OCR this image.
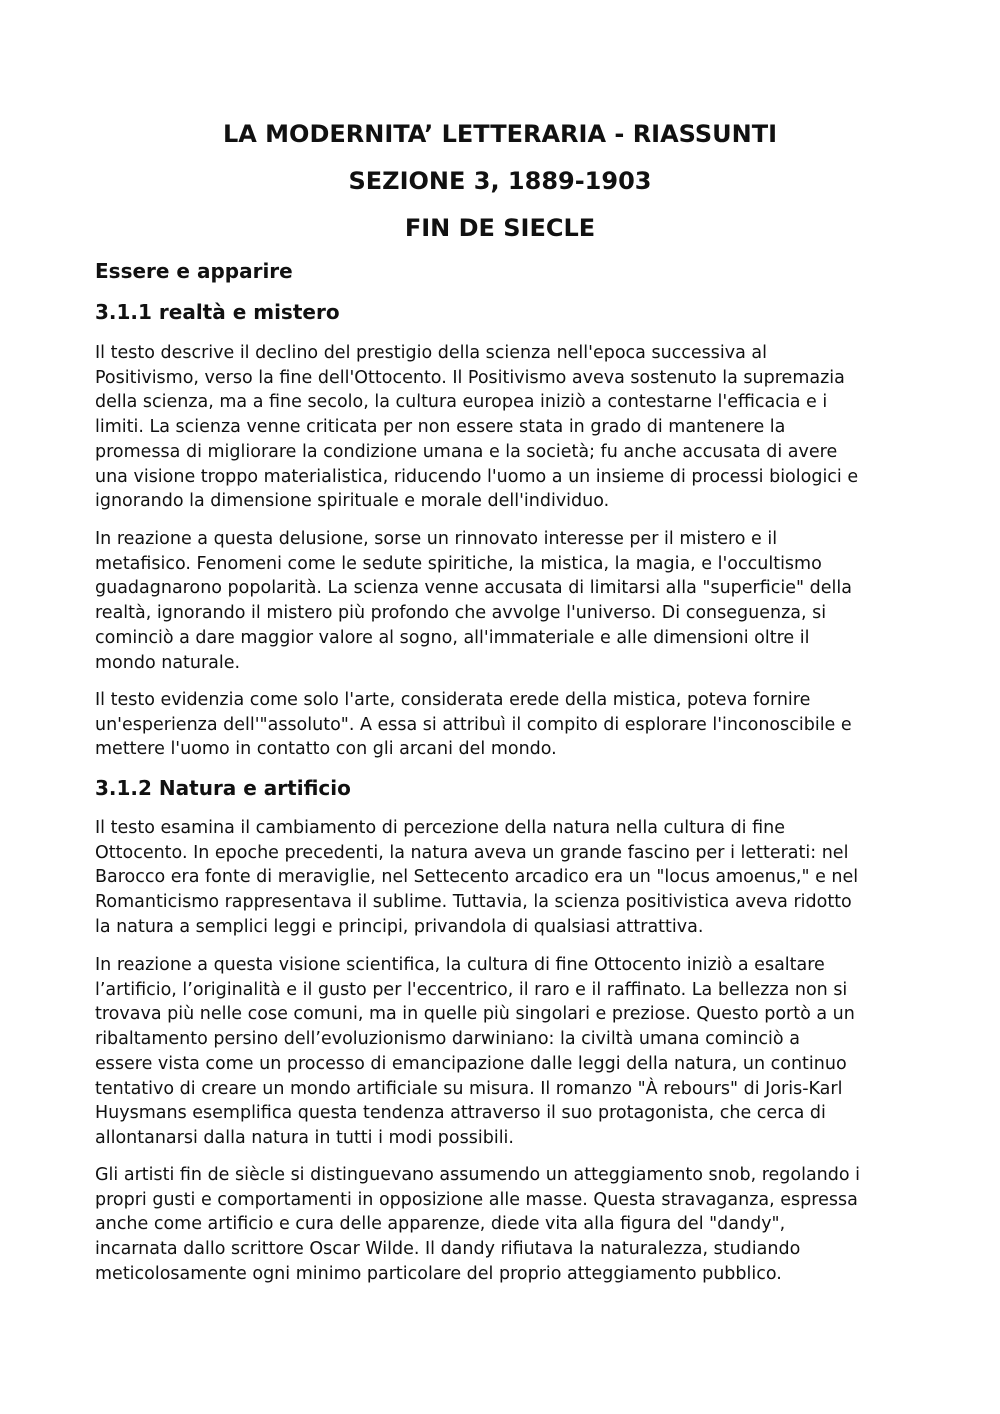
LA MODERNITA’ LETTERARIA - RIASSUNTI
SEZIONE 3, 1889-1903
FIN DE SIECLE
Essere e apparire
3.1.1 realtà e mistero
Il testo descrive il declino del prestigio della scienza nell'epoca successiva al
Positivismo, verso la fine dell'Ottocento. Il Positivismo aveva sostenuto la supremazia
della scienza, ma a fine secolo, la cultura europea iniziò a contestarne l'efficacia e i
limiti. La scienza venne criticata per non essere stata in grado di mantenere la
promessa di migliorare la condizione umana e la società; fu anche accusata di avere
una visione troppo materialistica, riducendo l'uomo a un insieme di processi biologici e
ignorando la dimensione spirituale e morale dell'individuo.
In reazione a questa delusione, sorse un rinnovato interesse per il mistero e il
metafisico. Fenomeni come le sedute spiritiche, la mistica, la magia, e l'occultismo
guadagnarono popolarità. La scienza venne accusata di limitarsi alla "superficie" della
realtà, ignorando il mistero più profondo che avvolge l'universo. Di conseguenza, si
cominciò a dare maggior valore al sogno, all'immateriale e alle dimensioni oltre il
mondo naturale.
Il testo evidenzia come solo l'arte, considerata erede della mistica, poteva fornire
un'esperienza dell'"assoluto". A essa si attribuì il compito di esplorare l'inconoscibile e
mettere l'uomo in contatto con gli arcani del mondo.
3.1.2 Natura e artificio
Il testo esamina il cambiamento di percezione della natura nella cultura di fine
Ottocento. In epoche precedenti, la natura aveva un grande fascino per i letterati: nel
Barocco era fonte di meraviglie, nel Settecento arcadico era un "locus amoenus," e nel
Romanticismo rappresentava il sublime. Tuttavia, la scienza positivistica aveva ridotto
la natura a semplici leggi e principi, privandola di qualsiasi attrattiva.
In reazione a questa visione scientifica, la cultura di fine Ottocento iniziò a esaltare
l’artificio, l’originalità e il gusto per l'eccentrico, il raro e il raffinato. La bellezza non si
trovava più nelle cose comuni, ma in quelle più singolari e preziose. Questo portò a un
ribaltamento persino dell’evoluzionismo darwiniano: la civiltà umana cominciò a
essere vista come un processo di emancipazione dalle leggi della natura, un continuo
tentativo di creare un mondo artificiale su misura. Il romanzo "À rebours" di Joris-Karl
Huysmans esemplifica questa tendenza attraverso il suo protagonista, che cerca di
allontanarsi dalla natura in tutti i modi possibili.
Gli artisti fin de siècle si distinguevano assumendo un atteggiamento snob, regolando i
propri gusti e comportamenti in opposizione alle masse. Questa stravaganza, espressa
anche come artificio e cura delle apparenze, diede vita alla figura del "dandy",
incarnata dallo scrittore Oscar Wilde. Il dandy rifiutava la naturalezza, studiando
meticolosamente ogni minimo particolare del proprio atteggiamento pubblico.
